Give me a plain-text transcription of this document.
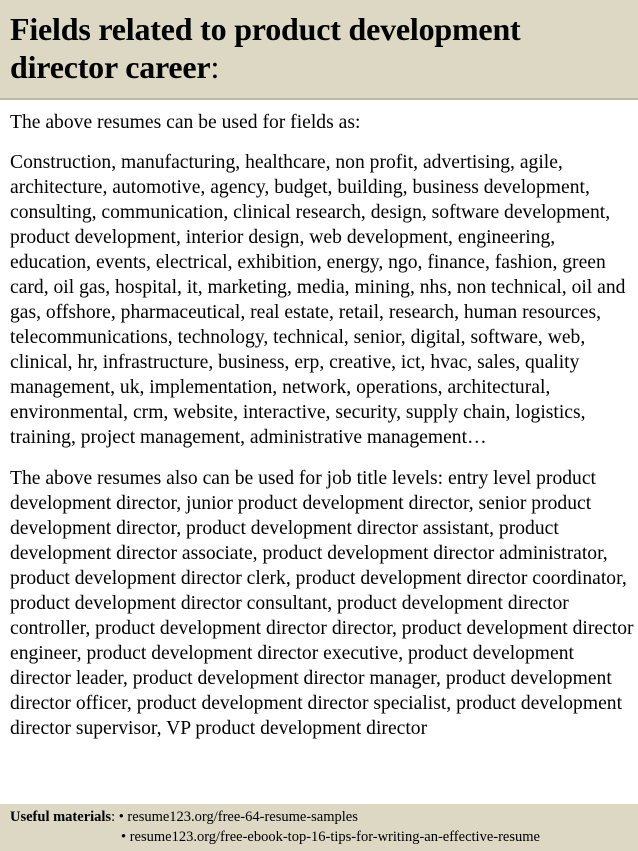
Fields related to product development
director career:

The above resumes can be used for fields as:

Construction, manufacturing, healthcare, non profit, advertising, agile, architecture, automotive, agency, budget, building, business development, consulting, communication, clinical research, design, software development, product development, interior design, web development, engineering, education, events, electrical, exhibition, energy, ngo, finance, fashion, green card, oil gas, hospital, it, marketing, media, mining, nhs, non technical, oil and gas, offshore, pharmaceutical, real estate, retail, research, human resources, telecommunications, technology, technical, senior, digital, software, web, clinical, hr, infrastructure, business, erp, creative, ict, hvac, sales, quality management, uk, implementation, network, operations, architectural, environmental, crm, website, interactive, security, supply chain, logistics, training, project management, administrative management…

The above resumes also can be used for job title levels: entry level product development director, junior product development director, senior product development director, product development director assistant, product development director associate, product development director administrator, product development director clerk, product development director coordinator, product development director consultant, product development director controller, product development director director, product development director engineer, product development director executive, product development director leader, product development director manager, product development director officer, product development director specialist, product development director supervisor, VP product development director

Useful materials: • resume123.org/free-64-resume-samples
• resume123.org/free-ebook-top-16-tips-for-writing-an-effective-resume
